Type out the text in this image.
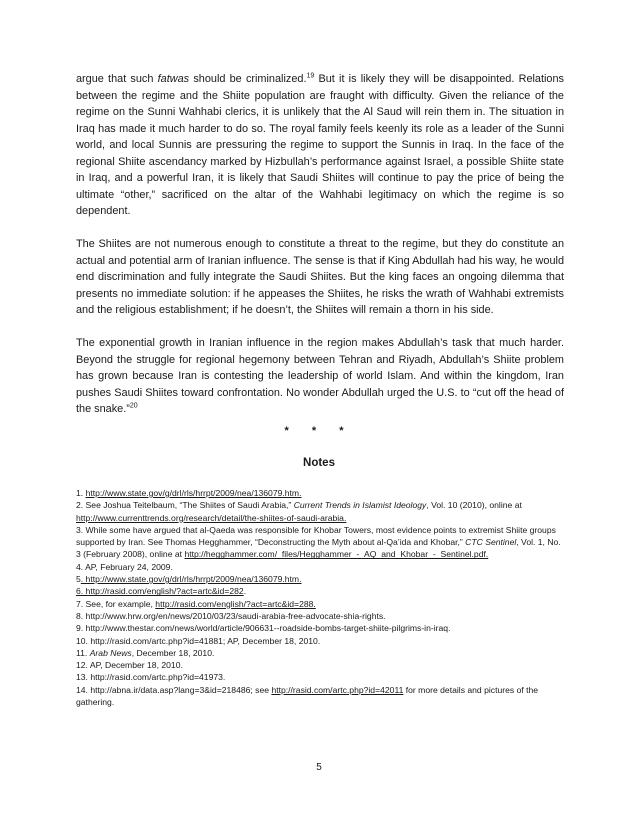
argue that such fatwas should be criminalized.$^{19}$ But it is likely they will be disappointed. Relations between the regime and the Shiite population are fraught with difficulty. Given the reliance of the regime on the Sunni Wahhabi clerics, it is unlikely that the Al Saud will rein them in. The situation in Iraq has made it much harder to do so. The royal family feels keenly its role as a leader of the Sunni world, and local Sunnis are pressuring the regime to support the Sunnis in Iraq. In the face of the regional Shiite ascendancy marked by Hizbullah’s performance against Israel, a possible Shiite state in Iraq, and a powerful Iran, it is likely that Saudi Shiites will continue to pay the price of being the ultimate “other,” sacrificed on the altar of the Wahhabi legitimacy on which the regime is so dependent.

The Shiites are not numerous enough to constitute a threat to the regime, but they do constitute an actual and potential arm of Iranian influence. The sense is that if King Abdullah had his way, he would end discrimination and fully integrate the Saudi Shiites. But the king faces an ongoing dilemma that presents no immediate solution: if he appeases the Shiites, he risks the wrath of Wahhabi extremists and the religious establishment; if he doesn’t, the Shiites will remain a thorn in his side.

The exponential growth in Iranian influence in the region makes Abdullah’s task that much harder. Beyond the struggle for regional hegemony between Tehran and Riyadh, Abdullah’s Shiite problem has grown because Iran is contesting the leadership of world Islam. And within the kingdom, Iran pushes Saudi Shiites toward confrontation. No wonder Abdullah urged the U.S. to “cut off the head of the snake.”$^{20}$

* * *
Notes

1. http://www.state.gov/g/drl/rls/hrrpt/2009/nea/136079.htm.

2. See Joshua Teitelbaum, “The Shiites of Saudi Arabia,” Current Trends in Islamist Ideology, Vol. 10 (2010), online at http://www.currenttrends.org/research/detail/the-shiites-of-saudi-arabia.

3. While some have argued that al-Qaeda was responsible for Khobar Towers, most evidence points to extremist Shiite groups supported by Iran. See Thomas Hegghammer, “Deconstructing the Myth about al-Qa’ida and Khobar,” CTC Sentinel, Vol. 1, No. 3 (February 2008), online at http://hegghammer.com/_files/Hegghammer_-_AQ_and_Khobar_-_Sentinel.pdf.

4. AP, February 24, 2009.

5. http://www.state.gov/g/drl/rls/hrrpt/2009/nea/136079.htm.

6. http://rasid.com/english/?act=artc&id=282.

7. See, for example, http://rasid.com/english/?act=artc&id=288.

8. http://www.hrw.org/en/news/2010/03/23/saudi-arabia-free-advocate-shia-rights.

9. http://www.thestar.com/news/world/article/906631--roadside-bombs-target-shiite-pilgrims-in-iraq.

10. http://rasid.com/artc.php?id=41881; AP, December 18, 2010.

11. Arab News, December 18, 2010.

12. AP, December 18, 2010.

13. http://rasid.com/artc.php?id=41973.

14. http://abna.ir/data.asp?lang=3&id=218486; see http://rasid.com/artc.php?id=42011 for more details and pictures of the gathering.

5
